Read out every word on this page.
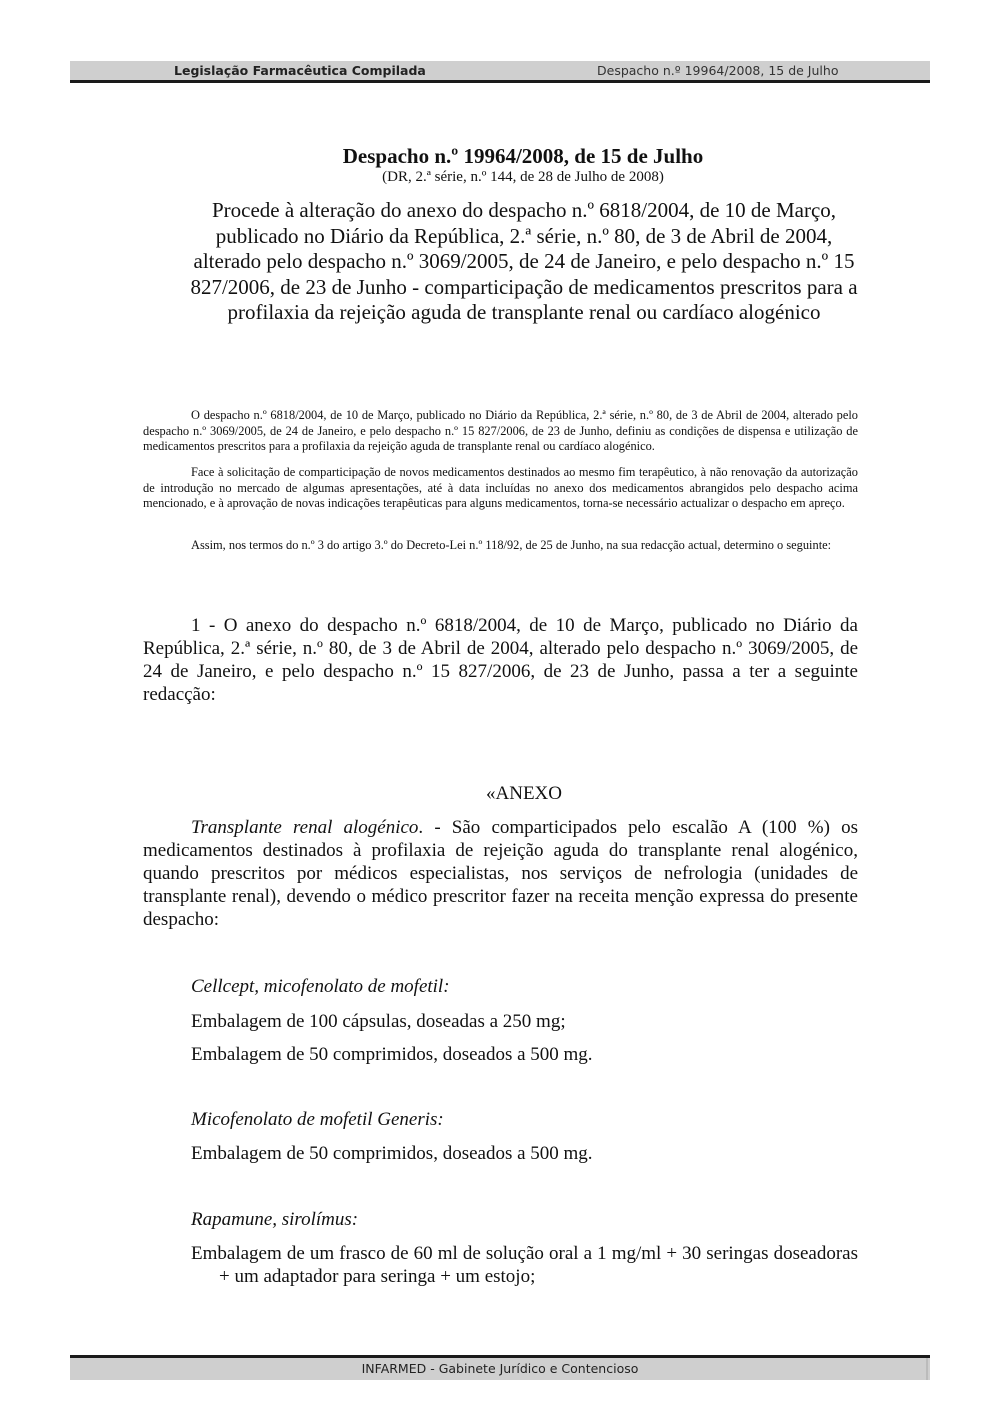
Legislação Farmacêutica Compilada	Despacho n.º 19964/2008, 15 de Julho
Despacho n.º 19964/2008, de 15 de Julho
(DR, 2.ª série, n.º 144, de 28 de Julho de 2008)
Procede à alteração do anexo do despacho n.º 6818/2004, de 10 de Março, publicado no Diário da República, 2.ª série, n.º 80, de 3 de Abril de 2004, alterado pelo despacho n.º 3069/2005, de 24 de Janeiro, e pelo despacho n.º 15 827/2006, de 23 de Junho - comparticipação de medicamentos prescritos para a profilaxia da rejeição aguda de transplante renal ou cardíaco alogénico

O despacho n.º 6818/2004, de 10 de Março, publicado no Diário da República, 2.ª série, n.º 80, de 3 de Abril de 2004, alterado pelo despacho n.º 3069/2005, de 24 de Janeiro, e pelo despacho n.º 15 827/2006, de 23 de Junho, definiu as condições de dispensa e utilização de medicamentos prescritos para a profilaxia da rejeição aguda de transplante renal ou cardíaco alogénico.

Face à solicitação de comparticipação de novos medicamentos destinados ao mesmo fim terapêutico, à não renovação da autorização de introdução no mercado de algumas apresentações, até à data incluídas no anexo dos medicamentos abrangidos pelo despacho acima mencionado, e à aprovação de novas indicações terapêuticas para alguns medicamentos, torna-se necessário actualizar o despacho em apreço.

Assim, nos termos do n.º 3 do artigo 3.º do Decreto-Lei n.º 118/92, de 25 de Junho, na sua redacção actual, determino o seguinte:

1 - O anexo do despacho n.º 6818/2004, de 10 de Março, publicado no Diário da República, 2.ª série, n.º 80, de 3 de Abril de 2004, alterado pelo despacho n.º 3069/2005, de 24 de Janeiro, e pelo despacho n.º 15 827/2006, de 23 de Junho, passa a ter a seguinte redacção:

«ANEXO

Transplante renal alogénico. - São comparticipados pelo escalão A (100 %) os medicamentos destinados à profilaxia de rejeição aguda do transplante renal alogénico, quando prescritos por médicos especialistas, nos serviços de nefrologia (unidades de transplante renal), devendo o médico prescritor fazer na receita menção expressa do presente despacho:

Cellcept, micofenolato de mofetil:

Embalagem de 100 cápsulas, doseadas a 250 mg;

Embalagem de 50 comprimidos, doseados a 500 mg.

Micofenolato de mofetil Generis:

Embalagem de 50 comprimidos, doseados a 500 mg.

Rapamune, sirolímus:

Embalagem de um frasco de 60 ml de solução oral a 1 mg/ml + 30 seringas doseadoras + um adaptador para seringa + um estojo;

INFARMED - Gabinete Jurídico e Contencioso
